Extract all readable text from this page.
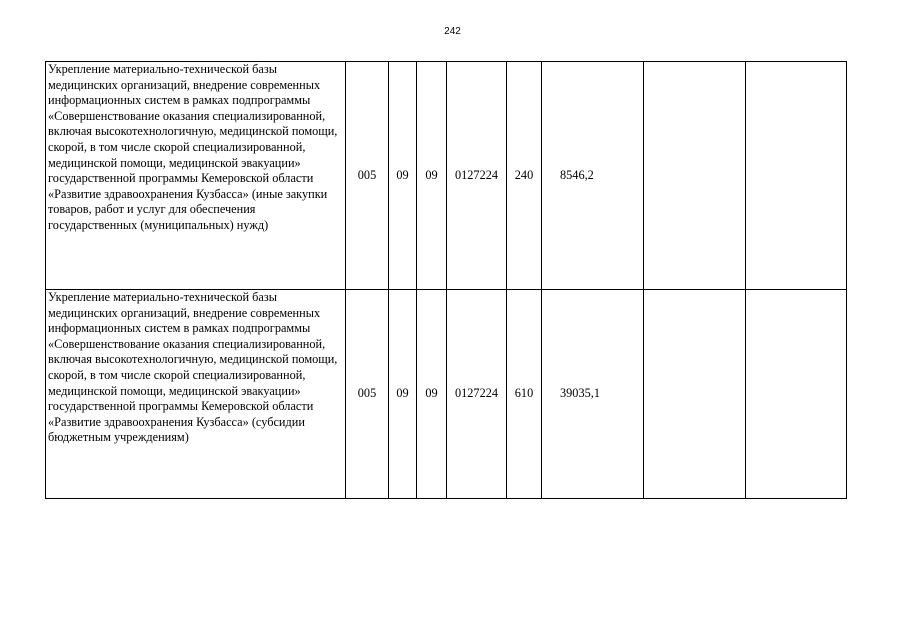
242
Укрепление материально-технической базы медицинских организаций, внедрение современных информационных систем в рамках подпрограммы «Совершенствование оказания специализированной, включая высокотехнологичную, медицинской помощи, скорой, в том числе скорой специализированной, медицинской помощи, медицинской эвакуации» государственной программы Кемеровской области «Развитие здравоохранения Кузбасса» (иные закупки товаров, работ и услуг для обеспечения государственных (муниципальных) нужд)	005	09	09	0127224	240	8546,2		
Укрепление материально-технической базы медицинских организаций, внедрение современных информационных систем в рамках подпрограммы «Совершенствование оказания специализированной, включая высокотехнологичную, медицинской помощи, скорой, в том числе скорой специализированной, медицинской помощи, медицинской эвакуации» государственной программы Кемеровской области «Развитие здравоохранения Кузбасса» (субсидии бюджетным учреждениям)	005	09	09	0127224	610	39035,1		
